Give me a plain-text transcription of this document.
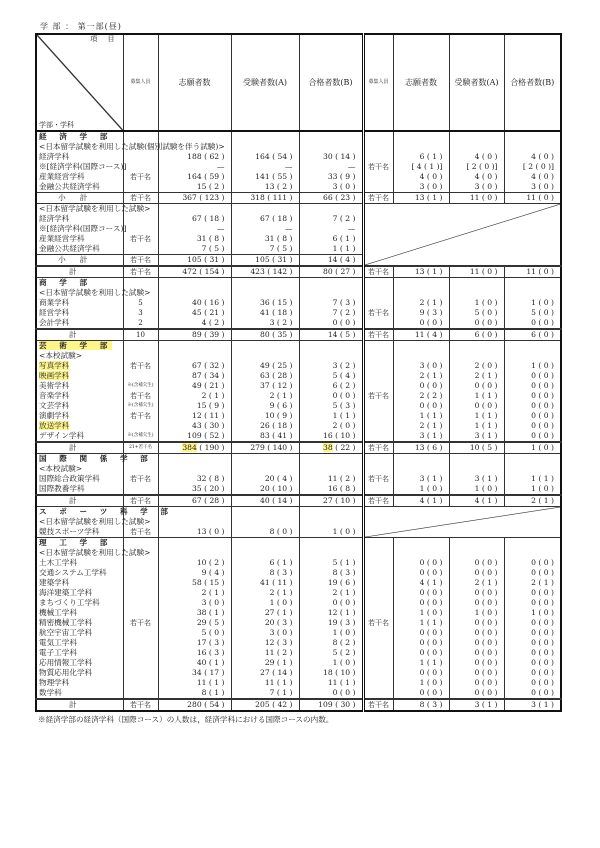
学 部 ： 第一部(昼)

項 目

学部・学科	募集人員	志願者数	受験者数(A)	合格者数(B)	募集人員	志願者数	受験者数(A)	合格者数(B)
経 済 学 部								
<日本留学試験を利用した試験(個別試験を伴う試験)>								
経済学科		188 ( 62 )	164 ( 54 )	30 ( 14 )		6 ( 1 )	4 ( 0 )	4 ( 0 )
※[経済学科(国際コース)]		—	—	—	若干名	[ 4 ( 1 )]	[ 2 ( 0 )]	[ 2 ( 0 )]
産業経営学科	若干名	164 ( 59 )	141 ( 55 )	33 ( 9 )		4 ( 0 )	4 ( 0 )	4 ( 0 )
金融公共経済学科		15 ( 2 )	13 ( 2 )	3 ( 0 )		3 ( 0 )	3 ( 0 )	3 ( 0 )
小計	若干名	367 ( 123 )	318 ( 111 )	66 ( 23 )	若干名	13 ( 1 )	11 ( 0 )	11 ( 0 )
<日本留学試験を利用した試験>					

経済学科		67 ( 18 )	67 ( 18 )	7 ( 2 )				
※[経済学科(国際コース)]		—	—	—				
産業経営学科	若干名	31 ( 8 )	31 ( 8 )	6 ( 1 )				
金融公共経済学科		7 ( 5 )	7 ( 5 )	1 ( 1 )				
小計	若干名	105 ( 31 )	105 ( 31 )	14 ( 4 )				
計	若干名	472 ( 154 )	423 ( 142 )	80 ( 27 )	若干名	13 ( 1 )	11 ( 0 )	11 ( 0 )
商 学 部								
<日本留学試験を利用した試験>								
商業学科	5	40 ( 16 )	36 ( 15 )	7 ( 3 )		2 ( 1 )	1 ( 0 )	1 ( 0 )
経営学科	3	45 ( 21 )	41 ( 18 )	7 ( 2 )	若干名	9 ( 3 )	5 ( 0 )	5 ( 0 )
会計学科	2	4 ( 2 )	3 ( 2 )	0 ( 0 )		0 ( 0 )	0 ( 0 )	0 ( 0 )
計	10	89 ( 39 )	80 ( 35 )	14 ( 5 )	若干名	11 ( 4 )	6 ( 0 )	6 ( 0 )
芸 術 学 部								
<本校試験>								
写真学科	若干名	67 ( 32 )	49 ( 25 )	3 ( 2 )		3 ( 0 )	2 ( 0 )	1 ( 0 )
映画学科		87 ( 34 )	63 ( 28 )	5 ( 4 )		2 ( 1 )	2 ( 1 )	0 ( 0 )
美術学科	※(含補欠生)	49 ( 21 )	37 ( 12 )	6 ( 2 )		0 ( 0 )	0 ( 0 )	0 ( 0 )
音楽学科	若干名	2 ( 1 )	2 ( 1 )	0 ( 0 )	若干名	2 ( 2 )	1 ( 1 )	0 ( 0 )
文芸学科	※(含補欠生)	15 ( 9 )	9 ( 6 )	5 ( 3 )		0 ( 0 )	0 ( 0 )	0 ( 0 )
演劇学科	若干名	12 ( 11 )	10 ( 9 )	1 ( 1 )		1 ( 1 )	1 ( 1 )	0 ( 0 )
放送学科		43 ( 30 )	26 ( 18 )	2 ( 0 )		2 ( 1 )	1 ( 1 )	0 ( 0 )
デザイン学科	※(含補欠生)	109 ( 52 )	83 ( 41 )	16 ( 10 )		3 ( 1 )	3 ( 1 )	0 ( 0 )
計	21+若干名	384 ( 190 )	279 ( 140 )	38 ( 22 )	若干名	13 ( 6 )	10 ( 5 )	1 ( 0 )
国 際 関 係 学 部								
<本校試験>								
国際総合政策学科	若干名	32 ( 8 )	20 ( 4 )	11 ( 2 )	若干名	3 ( 1 )	3 ( 1 )	1 ( 1 )
国際教養学科		35 ( 20 )	20 ( 10 )	16 ( 8 )		1 ( 0 )	1 ( 0 )	1 ( 0 )
計	若干名	67 ( 28 )	40 ( 14 )	27 ( 10 )	若干名	4 ( 1 )	4 ( 1 )	2 ( 1 )
ス ポ ー ツ 科 学 部					

<日本留学試験を利用した試験>								
競技スポーツ学科	若干名	13 ( 0 )	8 ( 0 )	1 ( 0 )				
理 工 学 部								
<日本留学試験を利用した試験>								
土木工学科		10 ( 2 )	6 ( 1 )	5 ( 1 )		0 ( 0 )	0 ( 0 )	0 ( 0 )
交通システム工学科		9 ( 4 )	8 ( 3 )	8 ( 3 )		0 ( 0 )	0 ( 0 )	0 ( 0 )
建築学科		58 ( 15 )	41 ( 11 )	19 ( 6 )		4 ( 1 )	2 ( 1 )	2 ( 1 )
海洋建築工学科		2 ( 1 )	2 ( 1 )	2 ( 1 )		0 ( 0 )	0 ( 0 )	0 ( 0 )
まちづくり工学科		3 ( 0 )	1 ( 0 )	0 ( 0 )		0 ( 0 )	0 ( 0 )	0 ( 0 )
機械工学科		38 ( 1 )	27 ( 1 )	12 ( 1 )		1 ( 0 )	1 ( 0 )	1 ( 0 )
精密機械工学科	若干名	29 ( 5 )	20 ( 3 )	19 ( 3 )	若干名	1 ( 1 )	0 ( 0 )	0 ( 0 )
航空宇宙工学科		5 ( 0 )	3 ( 0 )	1 ( 0 )		0 ( 0 )	0 ( 0 )	0 ( 0 )
電気工学科		17 ( 3 )	12 ( 3 )	8 ( 2 )		0 ( 0 )	0 ( 0 )	0 ( 0 )
電子工学科		16 ( 3 )	11 ( 2 )	5 ( 2 )		0 ( 0 )	0 ( 0 )	0 ( 0 )
応用情報工学科		40 ( 1 )	29 ( 1 )	1 ( 0 )		1 ( 1 )	0 ( 0 )	0 ( 0 )
物質応用化学科		34 ( 17 )	27 ( 14 )	18 ( 10 )		0 ( 0 )	0 ( 0 )	0 ( 0 )
物理学科		11 ( 1 )	11 ( 1 )	11 ( 1 )		1 ( 0 )	0 ( 0 )	0 ( 0 )
数学科		8 ( 1 )	7 ( 1 )	0 ( 0 )		0 ( 0 )	0 ( 0 )	0 ( 0 )
計	若干名	280 ( 54 )	205 ( 42 )	109 ( 30 )	若干名	8 ( 3 )	3 ( 1 )	3 ( 1 )
※経済学部の経済学科（国際コース）の人数は，経済学科における国際コースの内数。
